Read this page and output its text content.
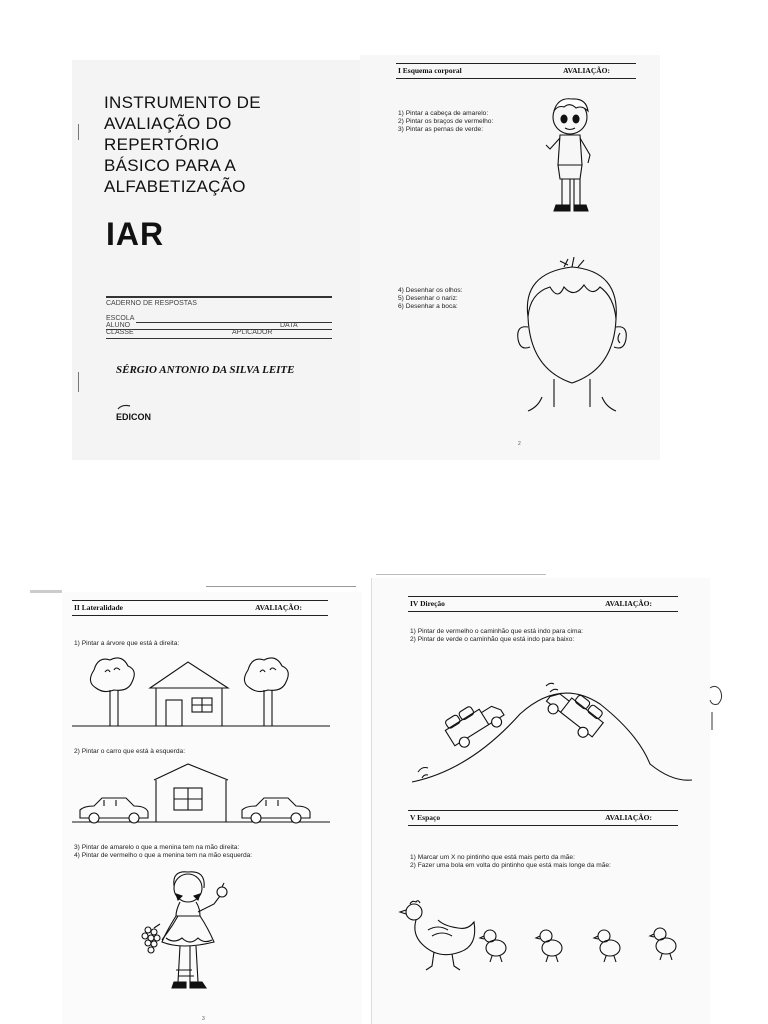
INSTRUMENTO DE
AVALIAÇÃO DO
REPERTÓRIO
BÁSICO PARA A
ALFABETIZAÇÃO
IAR
CADERNO DE RESPOSTAS
ESCOLA
ALUNO	DATA
CLASSE	APLICADOR
SÉRGIO ANTONIO DA SILVA LEITE
EDICON
I Esquema corporal	AVALIAÇÃO:
1) Pintar a cabeça de amarelo:
2) Pintar os braços de vermelho:
3) Pintar as pernas de verde:
4) Desenhar os olhos:
5) Desenhar o nariz:
6) Desenhar a boca:
2
II Lateralidade	AVALIAÇÃO:
1) Pintar a árvore que está à direita:
2) Pintar o carro que está à esquerda:
3) Pintar de amarelo o que a menina tem na mão direita:
4) Pintar de vermelho o que a menina tem na mão esquerda:
3
IV Direção	AVALIAÇÃO:
1) Pintar de vermelho o caminhão que está indo para cima:
2) Pintar de verde o caminhão que está indo para baixo:
V Espaço	AVALIAÇÃO:
1) Marcar um X no pintinho que está mais perto da mãe:
2) Fazer uma bola em volta do pintinho que está mais longe da mãe:
